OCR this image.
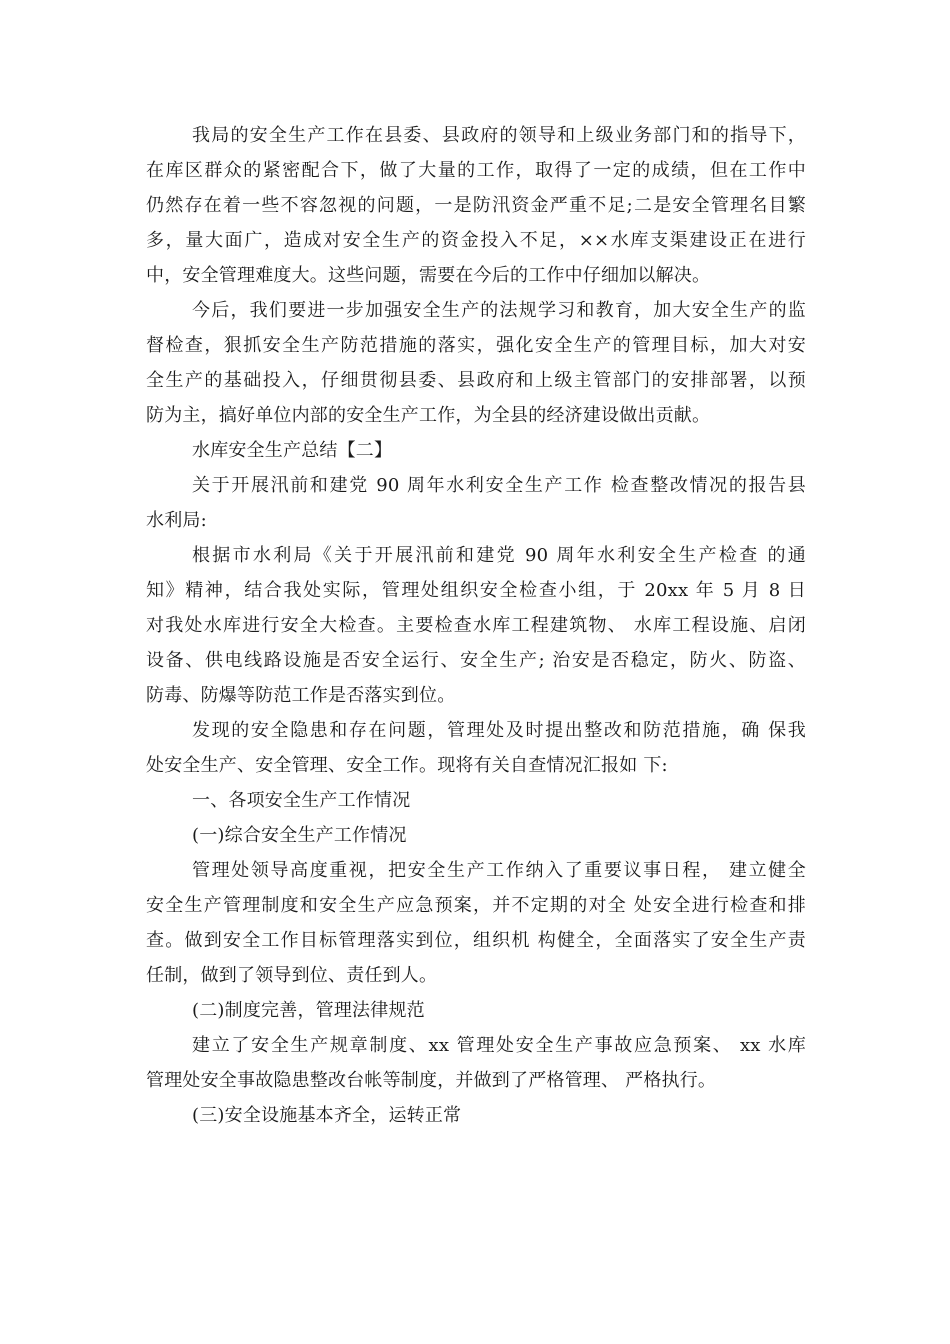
我局的安全生产工作在县委、县政府的领导和上级业务部门和的指导下，
在库区群众的紧密配合下，做了大量的工作，取得了一定的成绩，但在工作中
仍然存在着一些不容忽视的问题，一是防汛资金严重不足;二是安全管理名目繁
多，量大面广，造成对安全生产的资金投入不足，××水库支渠建设正在进行
中，安全管理难度大。这些问题，需要在今后的工作中仔细加以解决。
今后，我们要进一步加强安全生产的法规学习和教育，加大安全生产的监
督检查，狠抓安全生产防范措施的落实，强化安全生产的管理目标，加大对安
全生产的基础投入，仔细贯彻县委、县政府和上级主管部门的安排部署，以预
防为主，搞好单位内部的安全生产工作，为全县的经济建设做出贡献。
水库安全生产总结【二】
关于开展汛前和建党 90 周年水利安全生产工作 检查整改情况的报告县
水利局:
根据市水利局《关于开展汛前和建党 90 周年水利安全生产检查 的通
知》精神，结合我处实际，管理处组织安全检查小组，于 20xx 年 5 月 8 日
对我处水库进行安全大检查。主要检查水库工程建筑物、 水库工程设施、启闭
设备、供电线路设施是否安全运行、安全生产; 治安是否稳定，防火、防盗、
防毒、防爆等防范工作是否落实到位。
发现的安全隐患和存在问题，管理处及时提出整改和防范措施，确 保我
处安全生产、安全管理、安全工作。现将有关自查情况汇报如 下:
一、各项安全生产工作情况
(一)综合安全生产工作情况
管理处领导高度重视，把安全生产工作纳入了重要议事日程， 建立健全
安全生产管理制度和安全生产应急预案，并不定期的对全 处安全进行检查和排
查。做到安全工作目标管理落实到位，组织机 构健全，全面落实了安全生产责
任制，做到了领导到位、责任到人。
(二)制度完善，管理法律规范
建立了安全生产规章制度、xx 管理处安全生产事故应急预案、 xx 水库
管理处安全事故隐患整改台帐等制度，并做到了严格管理、 严格执行。
(三)安全设施基本齐全，运转正常
